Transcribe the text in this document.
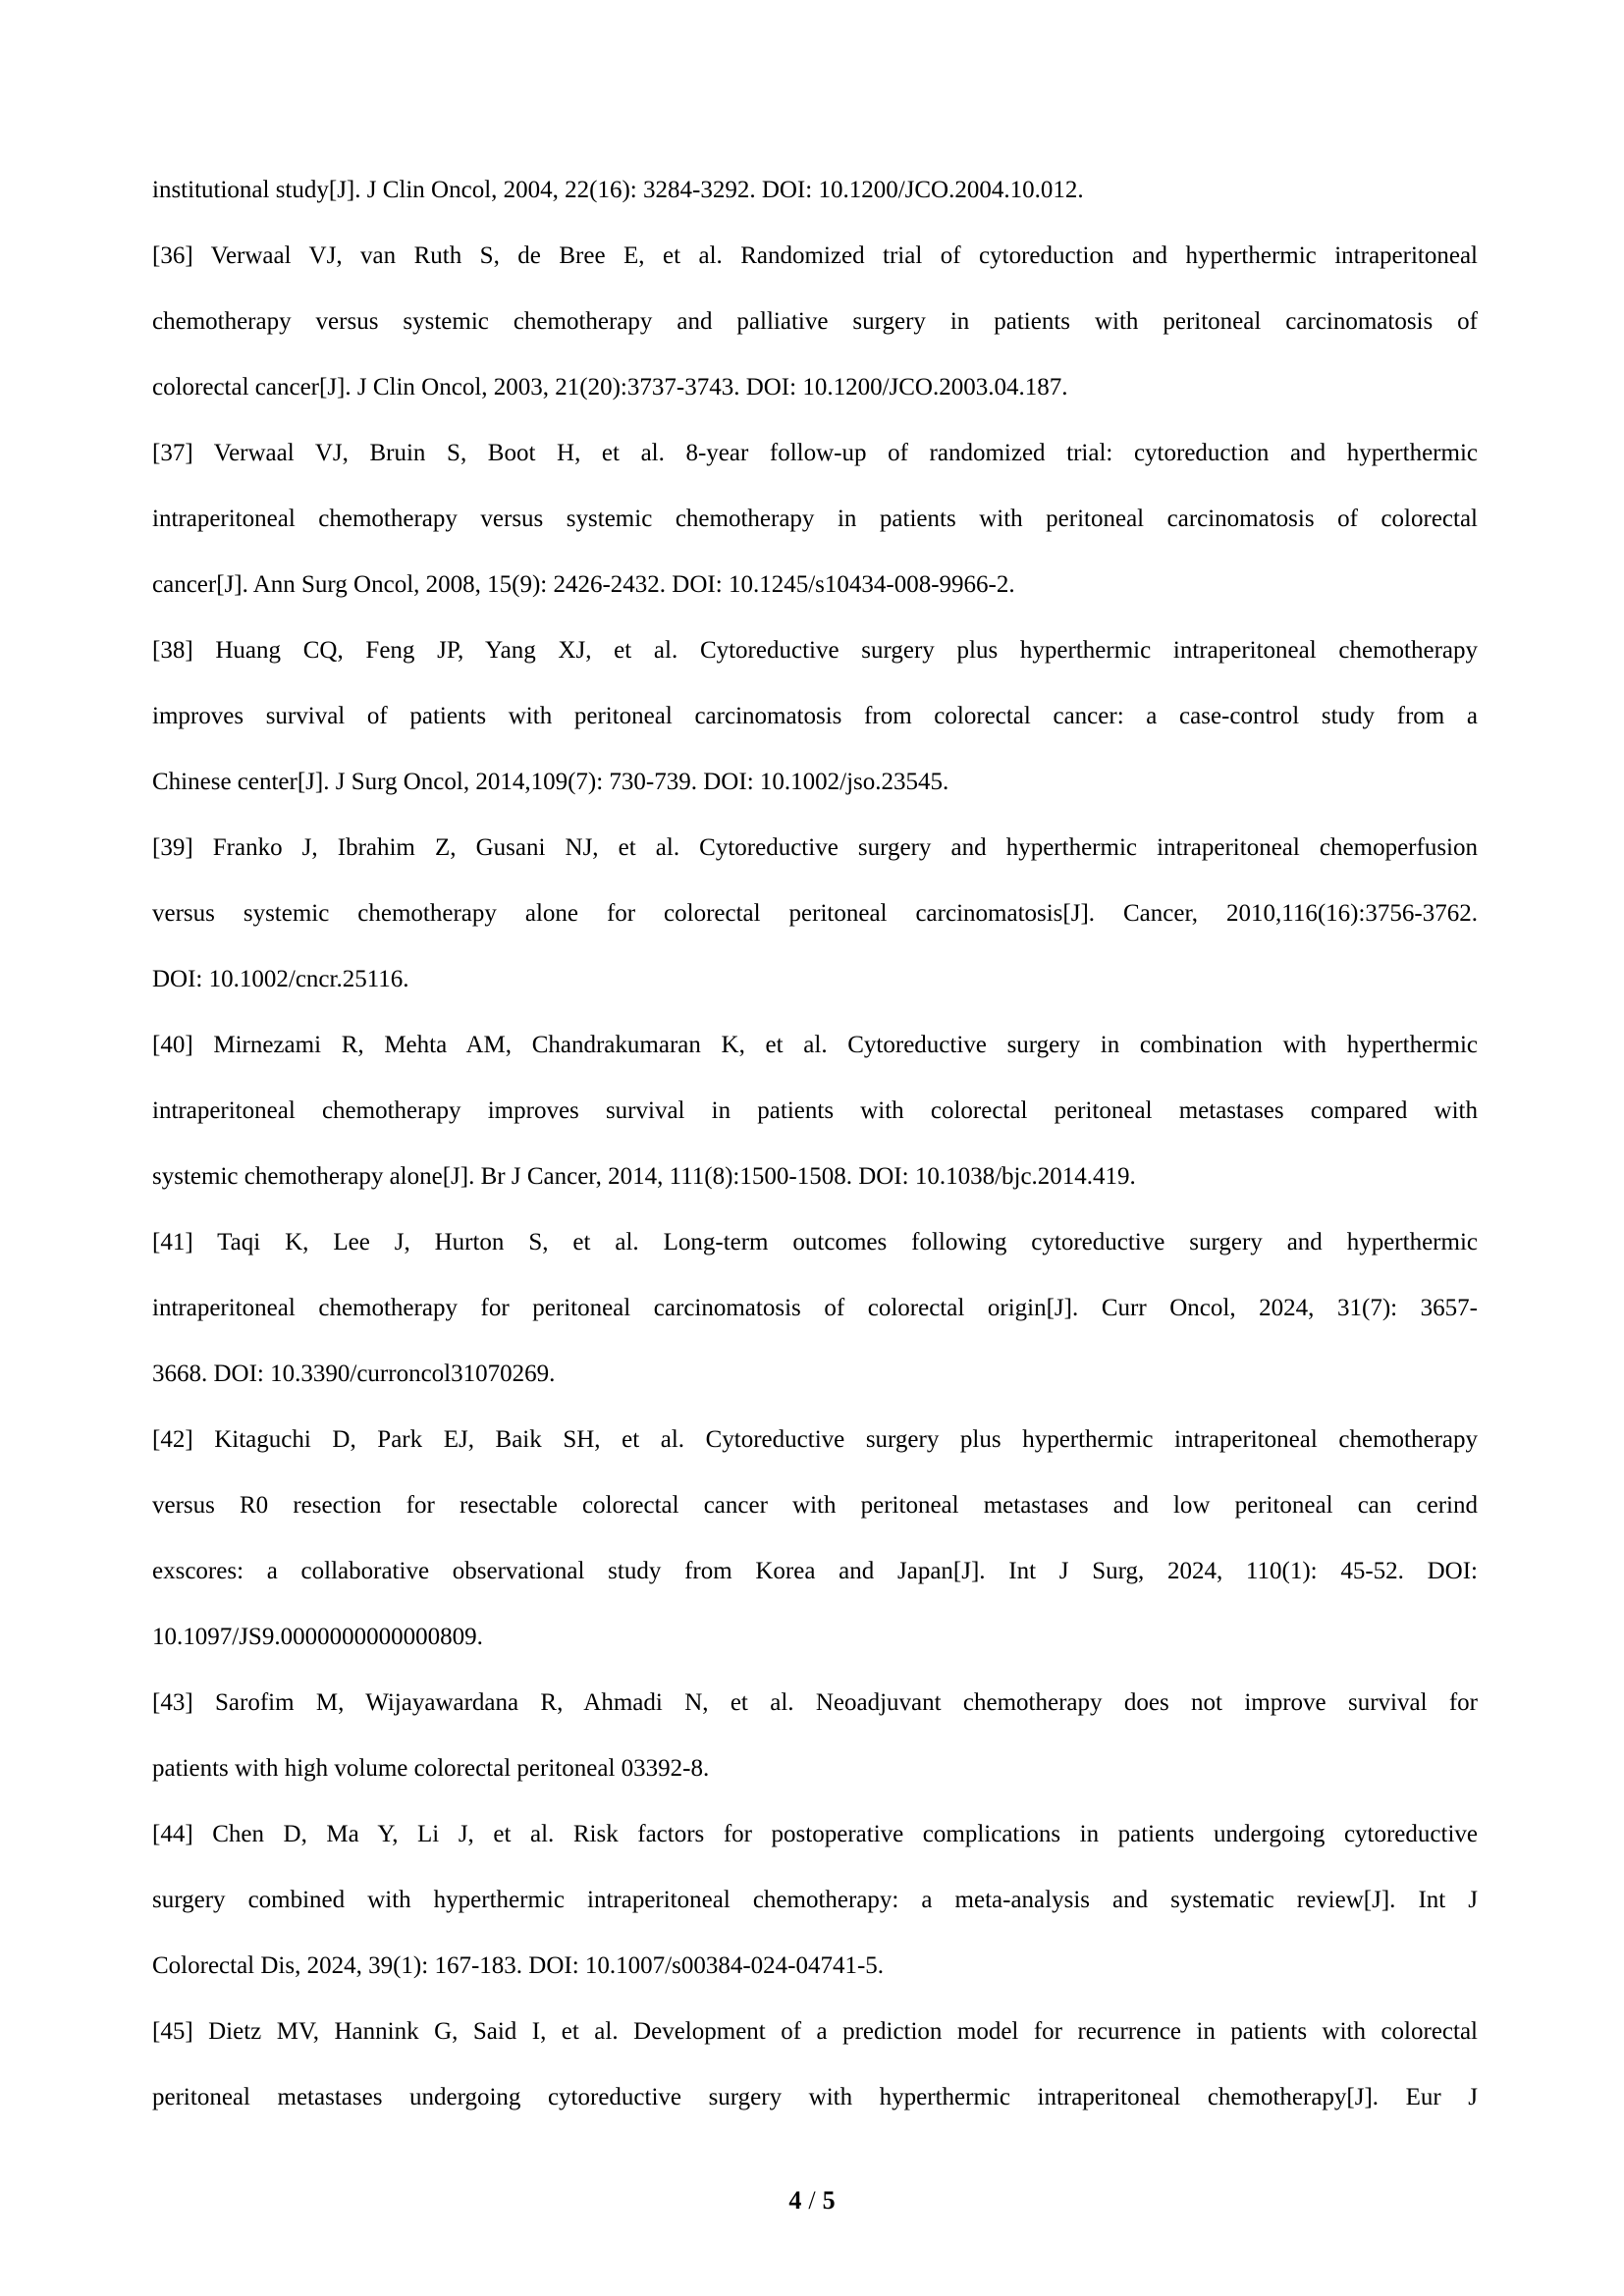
institutional study[J]. J Clin Oncol, 2004, 22(16): 3284-3292. DOI: 10.1200/JCO.2004.10.012.
[36] Verwaal VJ, van Ruth S, de Bree E, et al. Randomized trial of cytoreduction and hyperthermic intraperitoneal
chemotherapy versus systemic chemotherapy and palliative surgery in patients with peritoneal carcinomatosis of
colorectal cancer[J]. J Clin Oncol, 2003, 21(20):3737-3743. DOI: 10.1200/JCO.2003.04.187.
[37] Verwaal VJ, Bruin S, Boot H, et al. 8-year follow-up of randomized trial: cytoreduction and hyperthermic
intraperitoneal chemotherapy versus systemic chemotherapy in patients with peritoneal carcinomatosis of colorectal
cancer[J]. Ann Surg Oncol, 2008, 15(9): 2426-2432. DOI: 10.1245/s10434-008-9966-2.
[38] Huang CQ, Feng JP, Yang XJ, et al. Cytoreductive surgery plus hyperthermic intraperitoneal chemotherapy
improves survival of patients with peritoneal carcinomatosis from colorectal cancer: a case-control study from a
Chinese center[J]. J Surg Oncol, 2014,109(7): 730-739. DOI: 10.1002/jso.23545.
[39] Franko J, Ibrahim Z, Gusani NJ, et al. Cytoreductive surgery and hyperthermic intraperitoneal chemoperfusion
versus systemic chemotherapy alone for colorectal peritoneal carcinomatosis[J]. Cancer, 2010,116(16):3756-3762.
DOI: 10.1002/cncr.25116.
[40] Mirnezami R, Mehta AM, Chandrakumaran K, et al. Cytoreductive surgery in combination with hyperthermic
intraperitoneal chemotherapy improves survival in patients with colorectal peritoneal metastases compared with
systemic chemotherapy alone[J]. Br J Cancer, 2014, 111(8):1500-1508. DOI: 10.1038/bjc.2014.419.
[41] Taqi K, Lee J, Hurton S, et al. Long-term outcomes following cytoreductive surgery and hyperthermic
intraperitoneal chemotherapy for peritoneal carcinomatosis of colorectal origin[J]. Curr Oncol, 2024, 31(7): 3657-
3668. DOI: 10.3390/curroncol31070269.
[42] Kitaguchi D, Park EJ, Baik SH, et al. Cytoreductive surgery plus hyperthermic intraperitoneal chemotherapy
versus R0 resection for resectable colorectal cancer with peritoneal metastases and low peritoneal can cerind
exscores: a collaborative observational study from Korea and Japan[J]. Int J Surg, 2024, 110(1): 45-52. DOI:
10.1097/JS9.0000000000000809.
[43] Sarofim M, Wijayawardana R, Ahmadi N, et al. Neoadjuvant chemotherapy does not improve survival for
patients with high volume colorectal peritoneal 03392-8.
[44] Chen D, Ma Y, Li J, et al. Risk factors for postoperative complications in patients undergoing cytoreductive
surgery combined with hyperthermic intraperitoneal chemotherapy: a meta-analysis and systematic review[J]. Int J
Colorectal Dis, 2024, 39(1): 167-183. DOI: 10.1007/s00384-024-04741-5.
[45] Dietz MV, Hannink G, Said I, et al. Development of a prediction model for recurrence in patients with colorectal
peritoneal metastases undergoing cytoreductive surgery with hyperthermic intraperitoneal chemotherapy[J]. Eur J
4 / 5
